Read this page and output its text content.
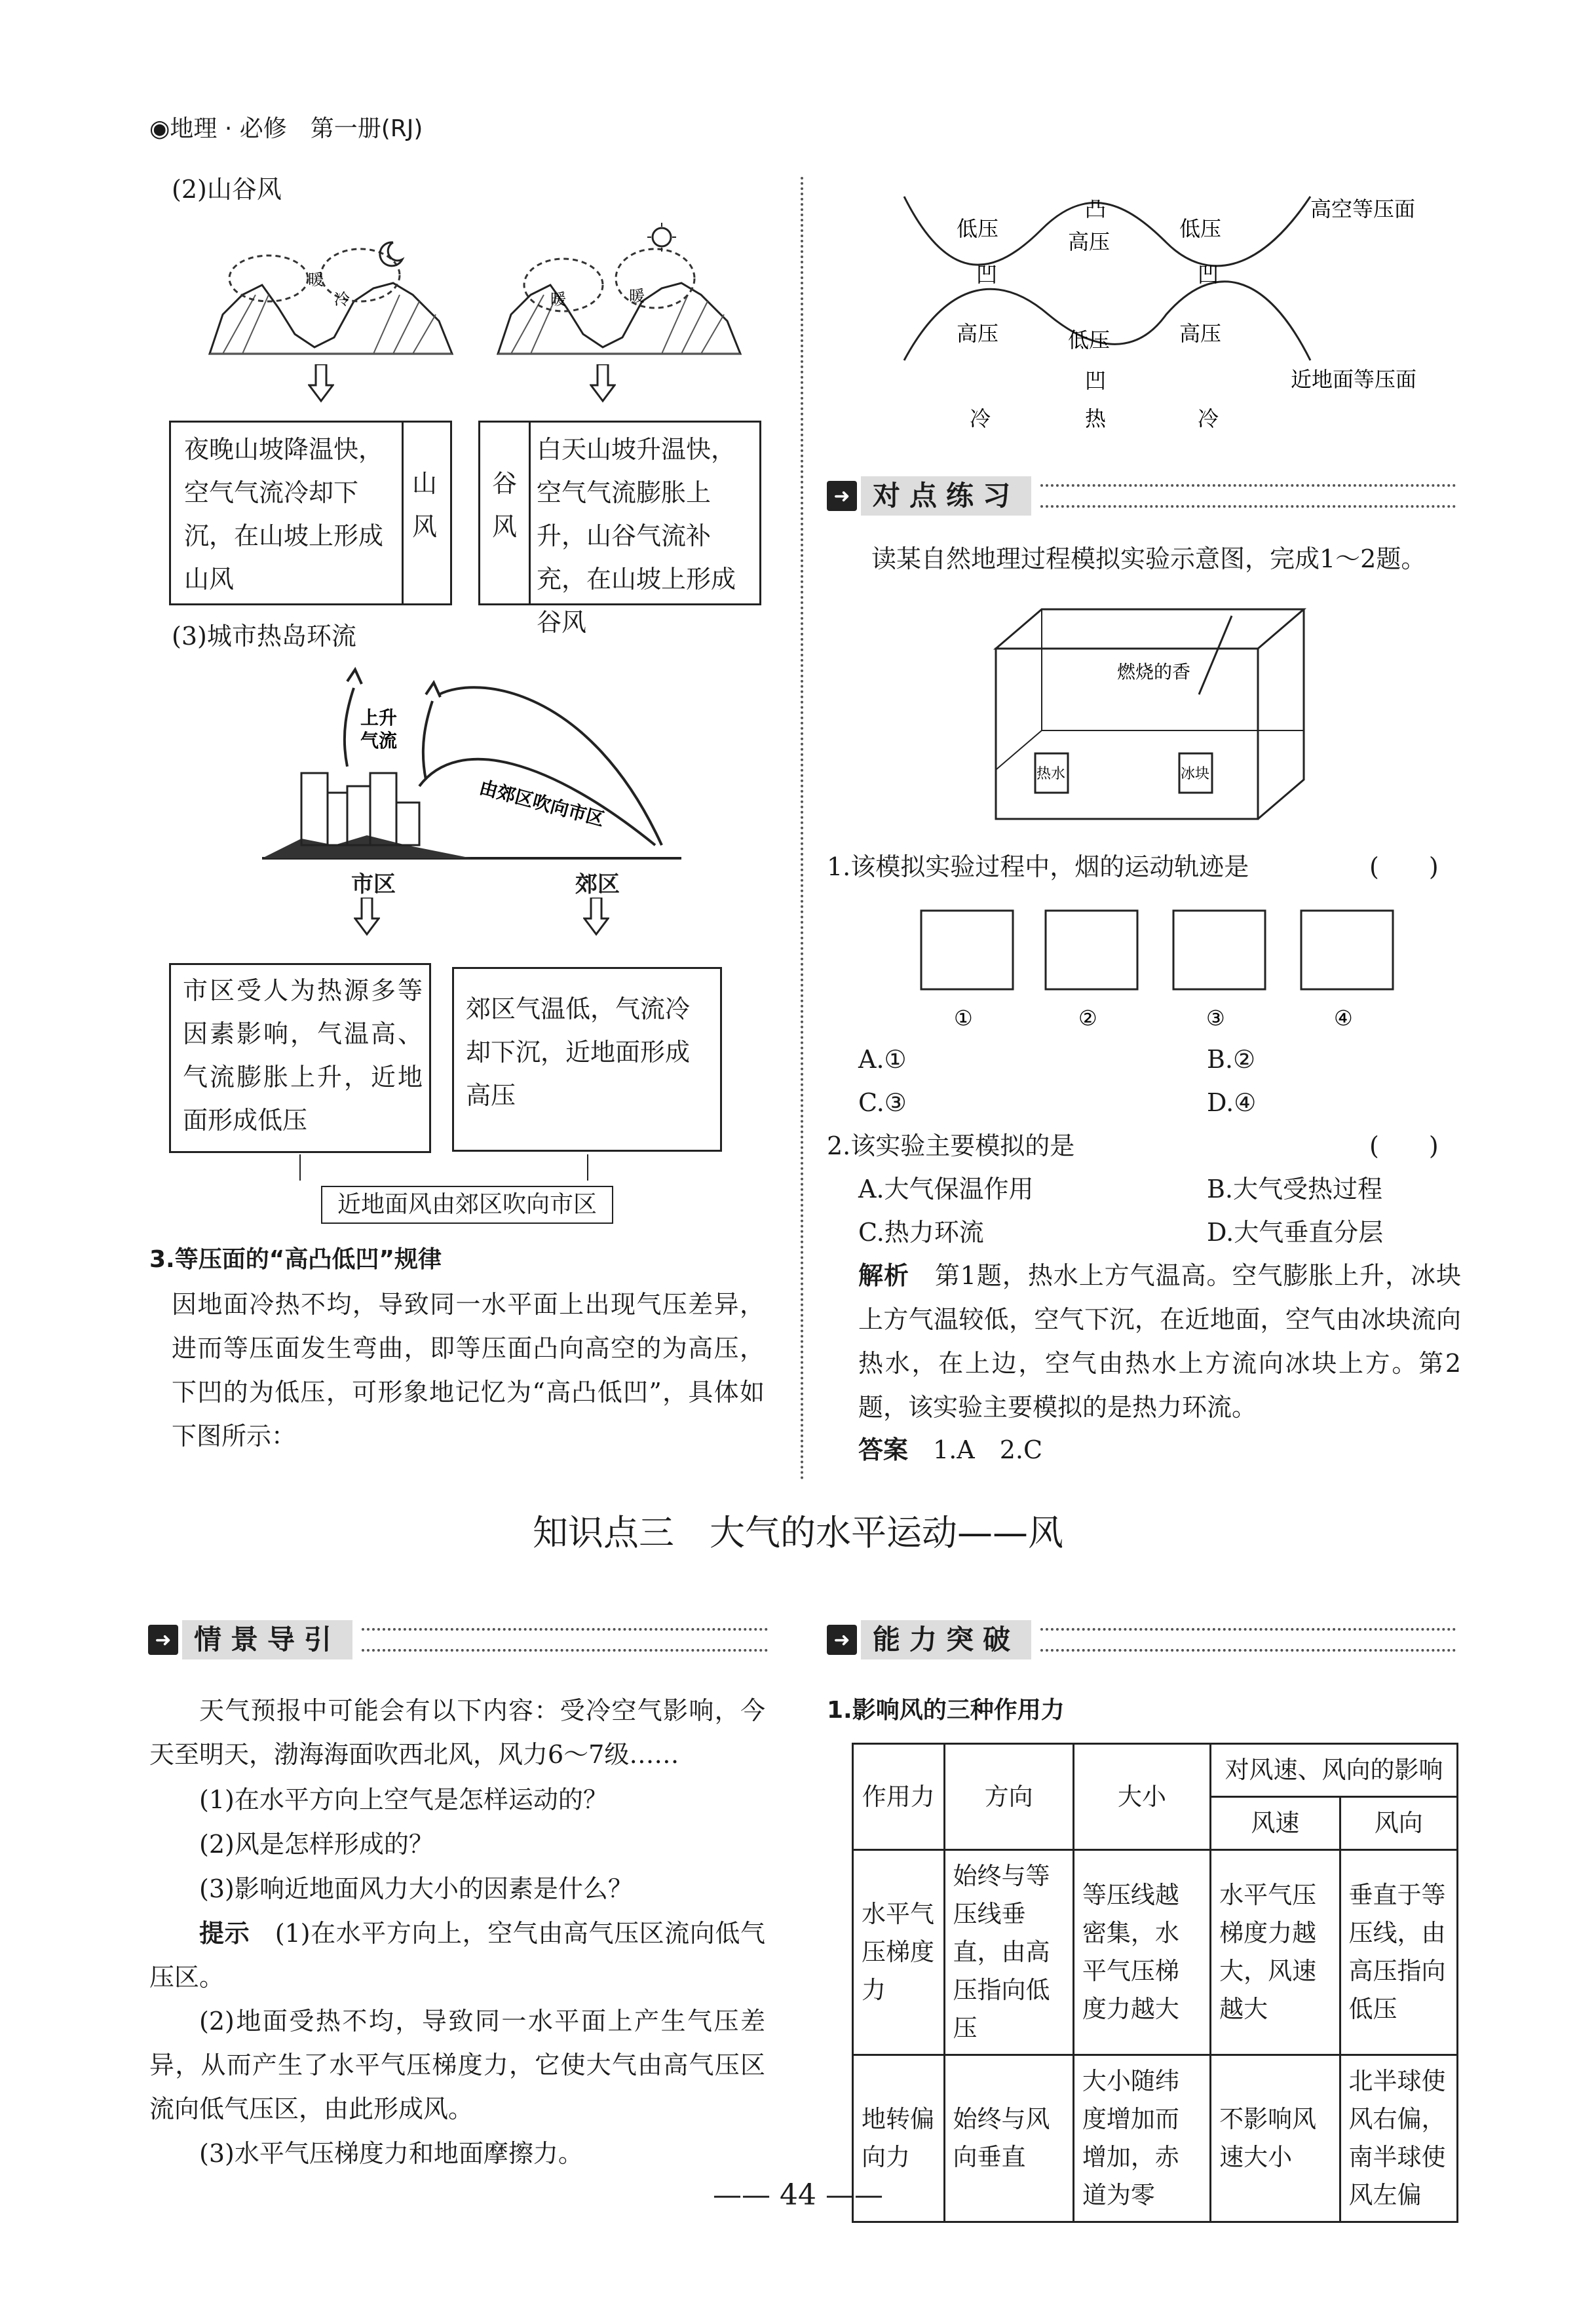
◉地理 · 必修　第一册(RJ)
(2)山谷风
暖
冷	暖	暖
夜晚山坡降温快，空气气流冷却下沉，在山坡上形成山风
山风
谷风
白天山坡升温快，空气气流膨胀上升，山谷气流补充，在山坡上形成谷风
(3)城市热岛环流
上升
气流
由郊区吹向市区
市区	郊区
市区受人为热源多等因素影响，气温高、气流膨胀上升，近地面形成低压
郊区气温低，气流冷却下沉，近地面形成高压
近地面风由郊区吹向市区
3.等压面的“高凸低凹”规律
因地面冷热不均，导致同一水平面上出现气压差异，进而等压面发生弯曲，即等压面凸向高空的为高压，下凹的为低压，可形象地记忆为“高凸低凹”，具体如下图所示：
低压
凹
凸
高压
低压
凹
高压	低压
凹
高压
冷	热	冷
高空等压面
近地面等压面
➜ 对点练习
读某自然地理过程模拟实验示意图，完成1～2题。
燃烧的香
热水	冰块
1.该模拟实验过程中，烟的运动轨迹是	(　　)
①	②	③	④
A.①	B.②
C.③	D.④
2.该实验主要模拟的是	(　　)
A.大气保温作用	B.大气受热过程
C.热力环流	D.大气垂直分层
解析　 第1题，热水上方气温高。空气膨胀上升，冰块上方气温较低，空气下沉，在近地面，空气由冰块流向热水，在上边，空气由热水上方流向冰块上方。第2题，该实验主要模拟的是热力环流。
答案　 1.A　2.C
知识点三　大气的水平运动——风
➜ 情景导引
天气预报中可能会有以下内容：受冷空气影响，今天至明天，渤海海面吹西北风，风力6～7级……
(1)在水平方向上空气是怎样运动的？
(2)风是怎样形成的？
(3)影响近地面风力大小的因素是什么？
提示　 (1)在水平方向上，空气由高气压区流向低气压区。
(2)地面受热不均，导致同一水平面上产生气压差异，从而产生了水平气压梯度力，它使大气由高气压区流向低气压区，由此形成风。
(3)水平气压梯度力和地面摩擦力。
➜ 能力突破
1.影响风的三种作用力
作用力	方向	大小	对风速、风向的影响	
			风速	风向
水平气压梯度力	始终与等压线垂直，由高压指向低压	等压线越密集，水平气压梯度力越大	水平气压梯度力越大，风速越大	垂直于等压线，由高压指向低压
地转偏向力	始终与风向垂直	大小随纬度增加而增加，赤道为零	不影响风速大小	北半球使风右偏，南半球使风左偏
—— 44 ——
